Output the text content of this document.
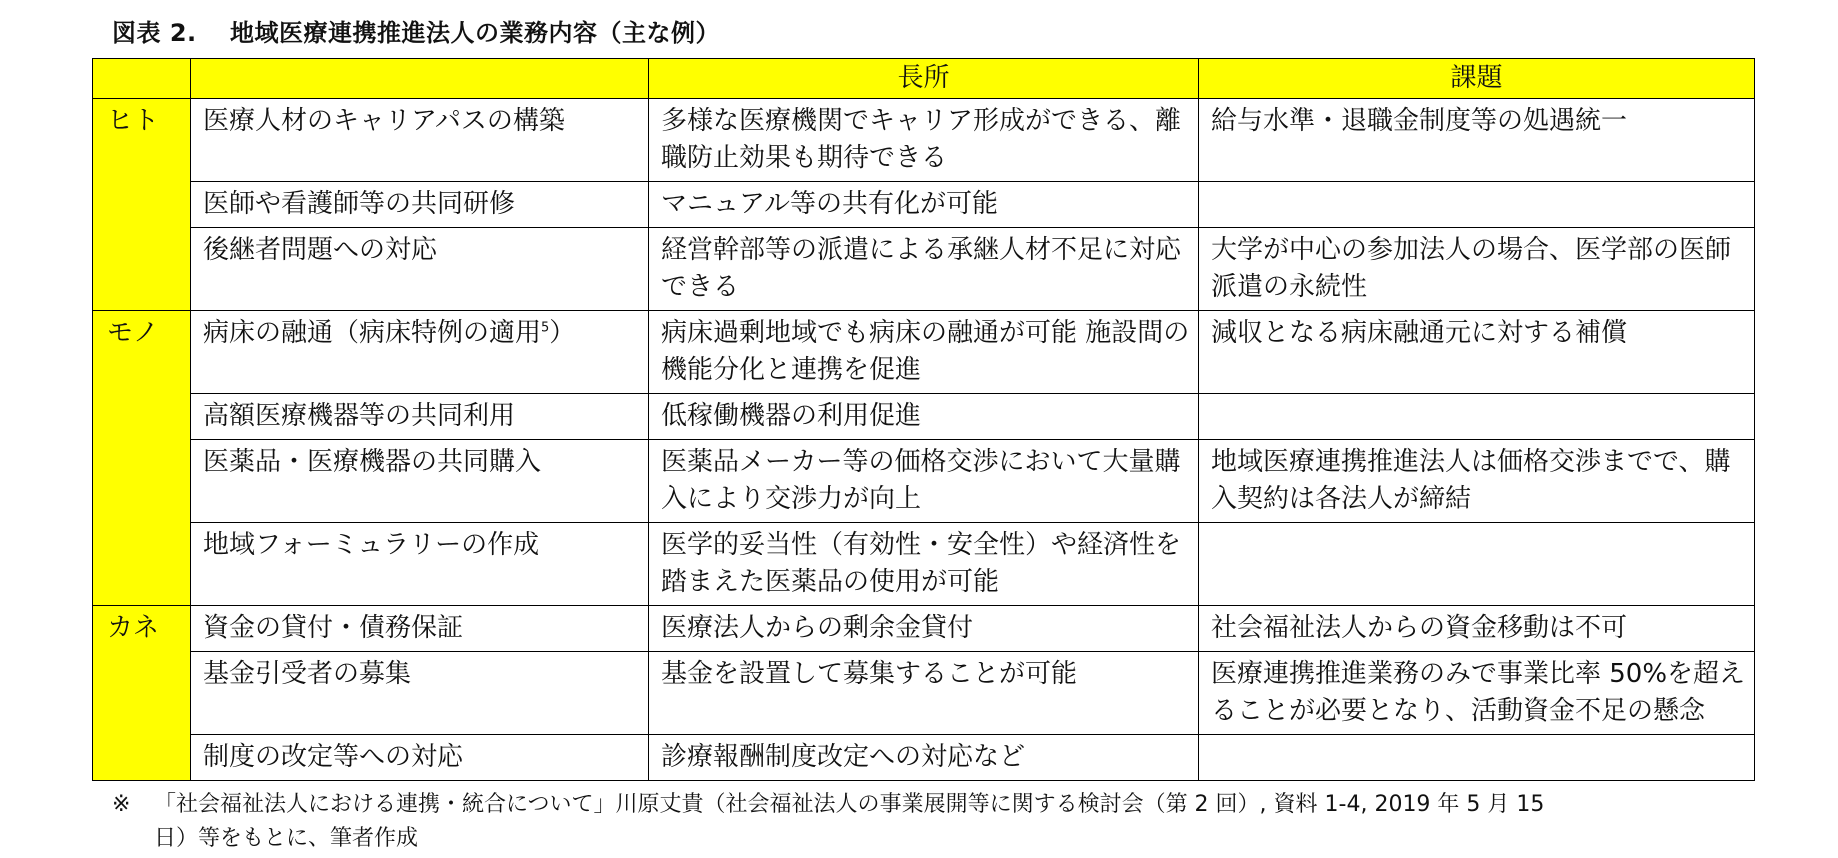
図表 2.　 地域医療連携推進法人の業務内容（主な例）
		長所	課題
ヒト	医療人材のキャリアパスの構築	多様な医療機関でキャリア形成ができる、離職防止効果も期待できる	給与水準・退職金制度等の処遇統一
	医師や看護師等の共同研修	マニュアル等の共有化が可能	
	後継者問題への対応	経営幹部等の派遣による承継人材不足に対応できる	大学が中心の参加法人の場合、医学部の医師派遣の永続性
モノ	病床の融通（病床特例の適用$^5$）	病床過剰地域でも病床の融通が可能 施設間の機能分化と連携を促進	減収となる病床融通元に対する補償
	高額医療機器等の共同利用	低稼働機器の利用促進	
	医薬品・医療機器の共同購入	医薬品メーカー等の価格交渉において大量購入により交渉力が向上	地域医療連携推進法人は価格交渉までで、購入契約は各法人が締結
	地域フォーミュラリーの作成	医学的妥当性（有効性・安全性）や経済性を踏まえた医薬品の使用が可能	
カネ	資金の貸付・債務保証	医療法人からの剰余金貸付	社会福祉法人からの資金移動は不可
	基金引受者の募集	基金を設置して募集することが可能	医療連携推進業務のみで事業比率 50%を超えることが必要となり、活動資金不足の懸念
	制度の改定等への対応	診療報酬制度改定への対応など	
※ 「社会福祉法人における連携・統合について」川原丈貴（社会福祉法人の事業展開等に関する検討会（第 2 回）, 資料 1-4, 2019 年 5 月 15
日）等をもとに、筆者作成
